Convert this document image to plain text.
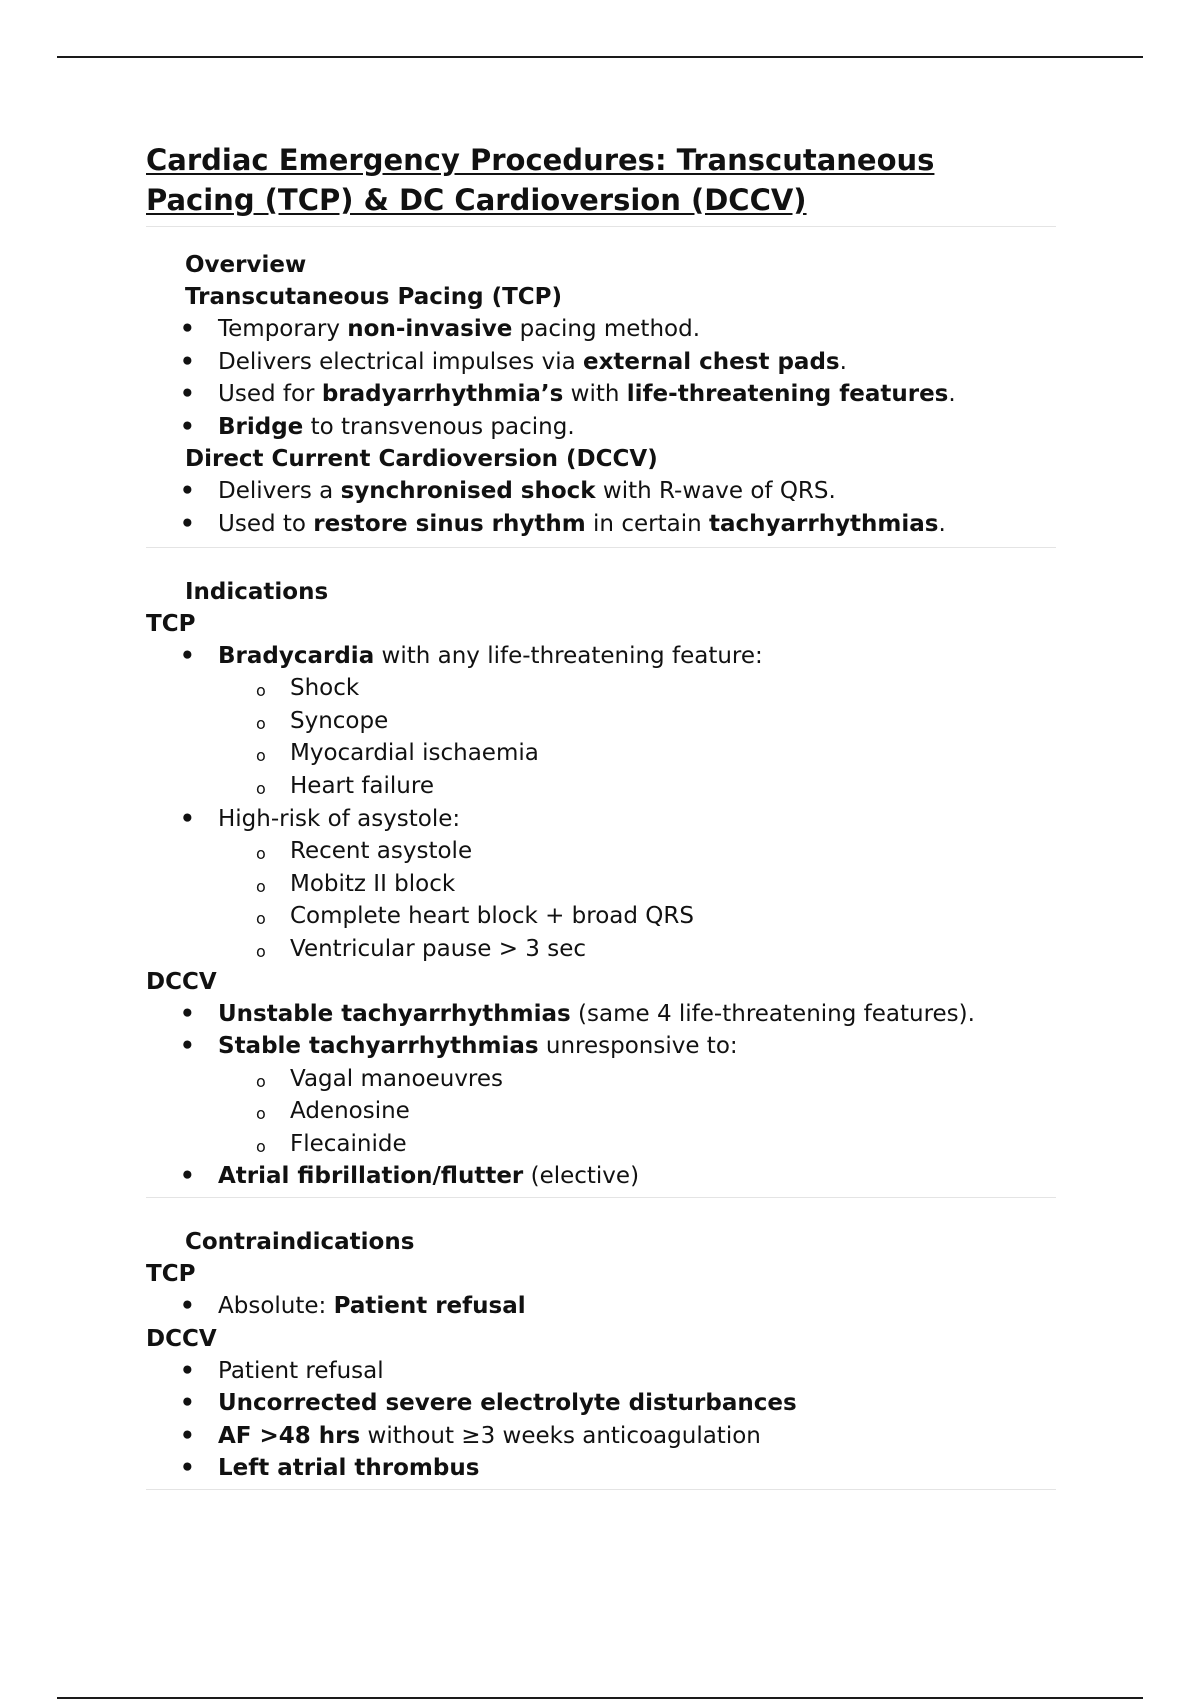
Cardiac Emergency Procedures: Transcutaneous
Pacing (TCP) & DC Cardioversion (DCCV)
Overview
Transcutaneous Pacing (TCP)
• Temporary non-invasive pacing method.
• Delivers electrical impulses via external chest pads.
• Used for bradyarrhythmia’s with life-threatening features.
• Bridge to transvenous pacing.
Direct Current Cardioversion (DCCV)
• Delivers a synchronised shock with R-wave of QRS.
• Used to restore sinus rhythm in certain tachyarrhythmias.
Indications
TCP
• Bradycardia with any life-threatening feature:
o Shock
o Syncope
o Myocardial ischaemia
o Heart failure
• High-risk of asystole:
o Recent asystole
o Mobitz II block
o Complete heart block + broad QRS
o Ventricular pause > 3 sec
DCCV
• Unstable tachyarrhythmias (same 4 life-threatening features).
• Stable tachyarrhythmias unresponsive to:
o Vagal manoeuvres
o Adenosine
o Flecainide
• Atrial fibrillation/flutter (elective)
Contraindications
TCP
• Absolute: Patient refusal
DCCV
• Patient refusal
• Uncorrected severe electrolyte disturbances
• AF >48 hrs without ≥3 weeks anticoagulation
• Left atrial thrombus
